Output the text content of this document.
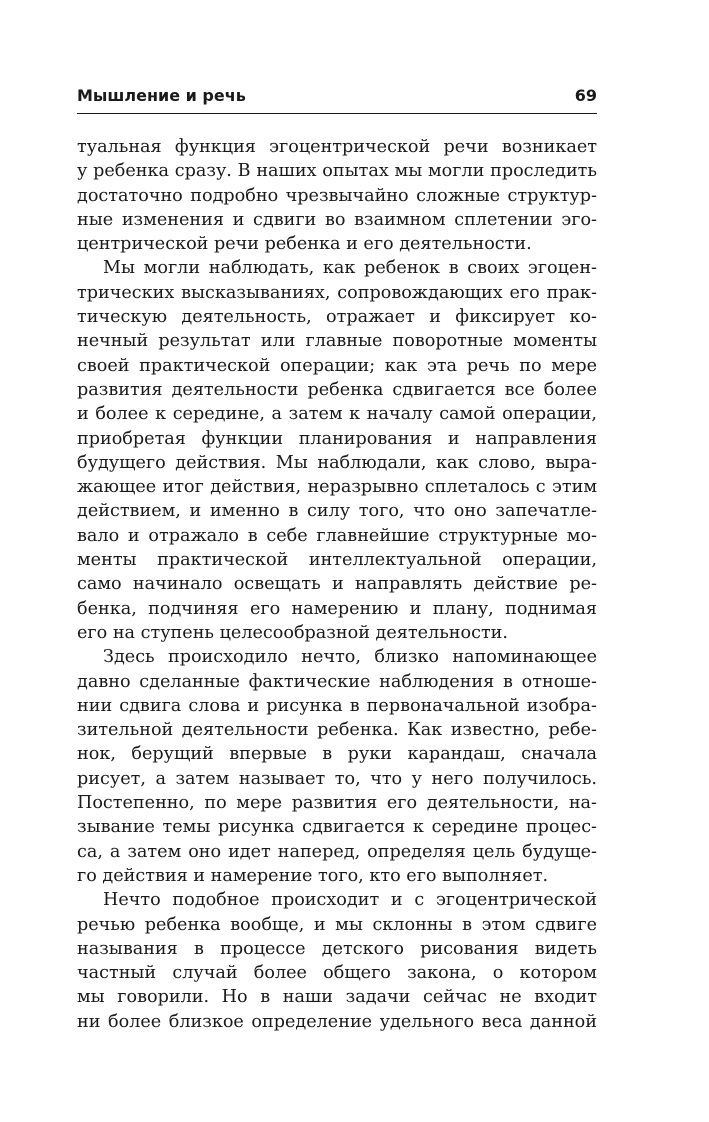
Мышление и речь	69
туальная функция эгоцентрической речи возникает
у ребенка сразу. В наших опытах мы могли проследить
достаточно подробно чрезвычайно сложные структур-
ные изменения и сдвиги во взаимном сплетении эго-
центрической речи ребенка и его деятельности.
Мы могли наблюдать, как ребенок в своих эгоцен-
трических высказываниях, сопровождающих его прак-
тическую деятельность, отражает и фиксирует ко-
нечный результат или главные поворотные моменты
своей практической операции; как эта речь по мере
развития деятельности ребенка сдвигается все более
и более к середине, а затем к началу самой операции,
приобретая функции планирования и направления
будущего действия. Мы наблюдали, как слово, выра-
жающее итог действия, неразрывно сплеталось с этим
действием, и именно в силу того, что оно запечатле-
вало и отражало в себе главнейшие структурные мо-
менты практической интеллектуальной операции,
само начинало освещать и направлять действие ре-
бенка, подчиняя его намерению и плану, поднимая
его на ступень целесообразной деятельности.
Здесь происходило нечто, близко напоминающее
давно сделанные фактические наблюдения в отноше-
нии сдвига слова и рисунка в первоначальной изобра-
зительной деятельности ребенка. Как известно, ребе-
нок, берущий впервые в руки карандаш, сначала
рисует, а затем называет то, что у него получилось.
Постепенно, по мере развития его деятельности, на-
зывание темы рисунка сдвигается к середине процес-
са, а затем оно идет наперед, определяя цель будуще-
го действия и намерение того, кто его выполняет.
Нечто подобное происходит и с эгоцентрической
речью ребенка вообще, и мы склонны в этом сдвиге
называния в процессе детского рисования видеть
частный случай более общего закона, о котором
мы говорили. Но в наши задачи сейчас не входит
ни более близкое определение удельного веса данной
